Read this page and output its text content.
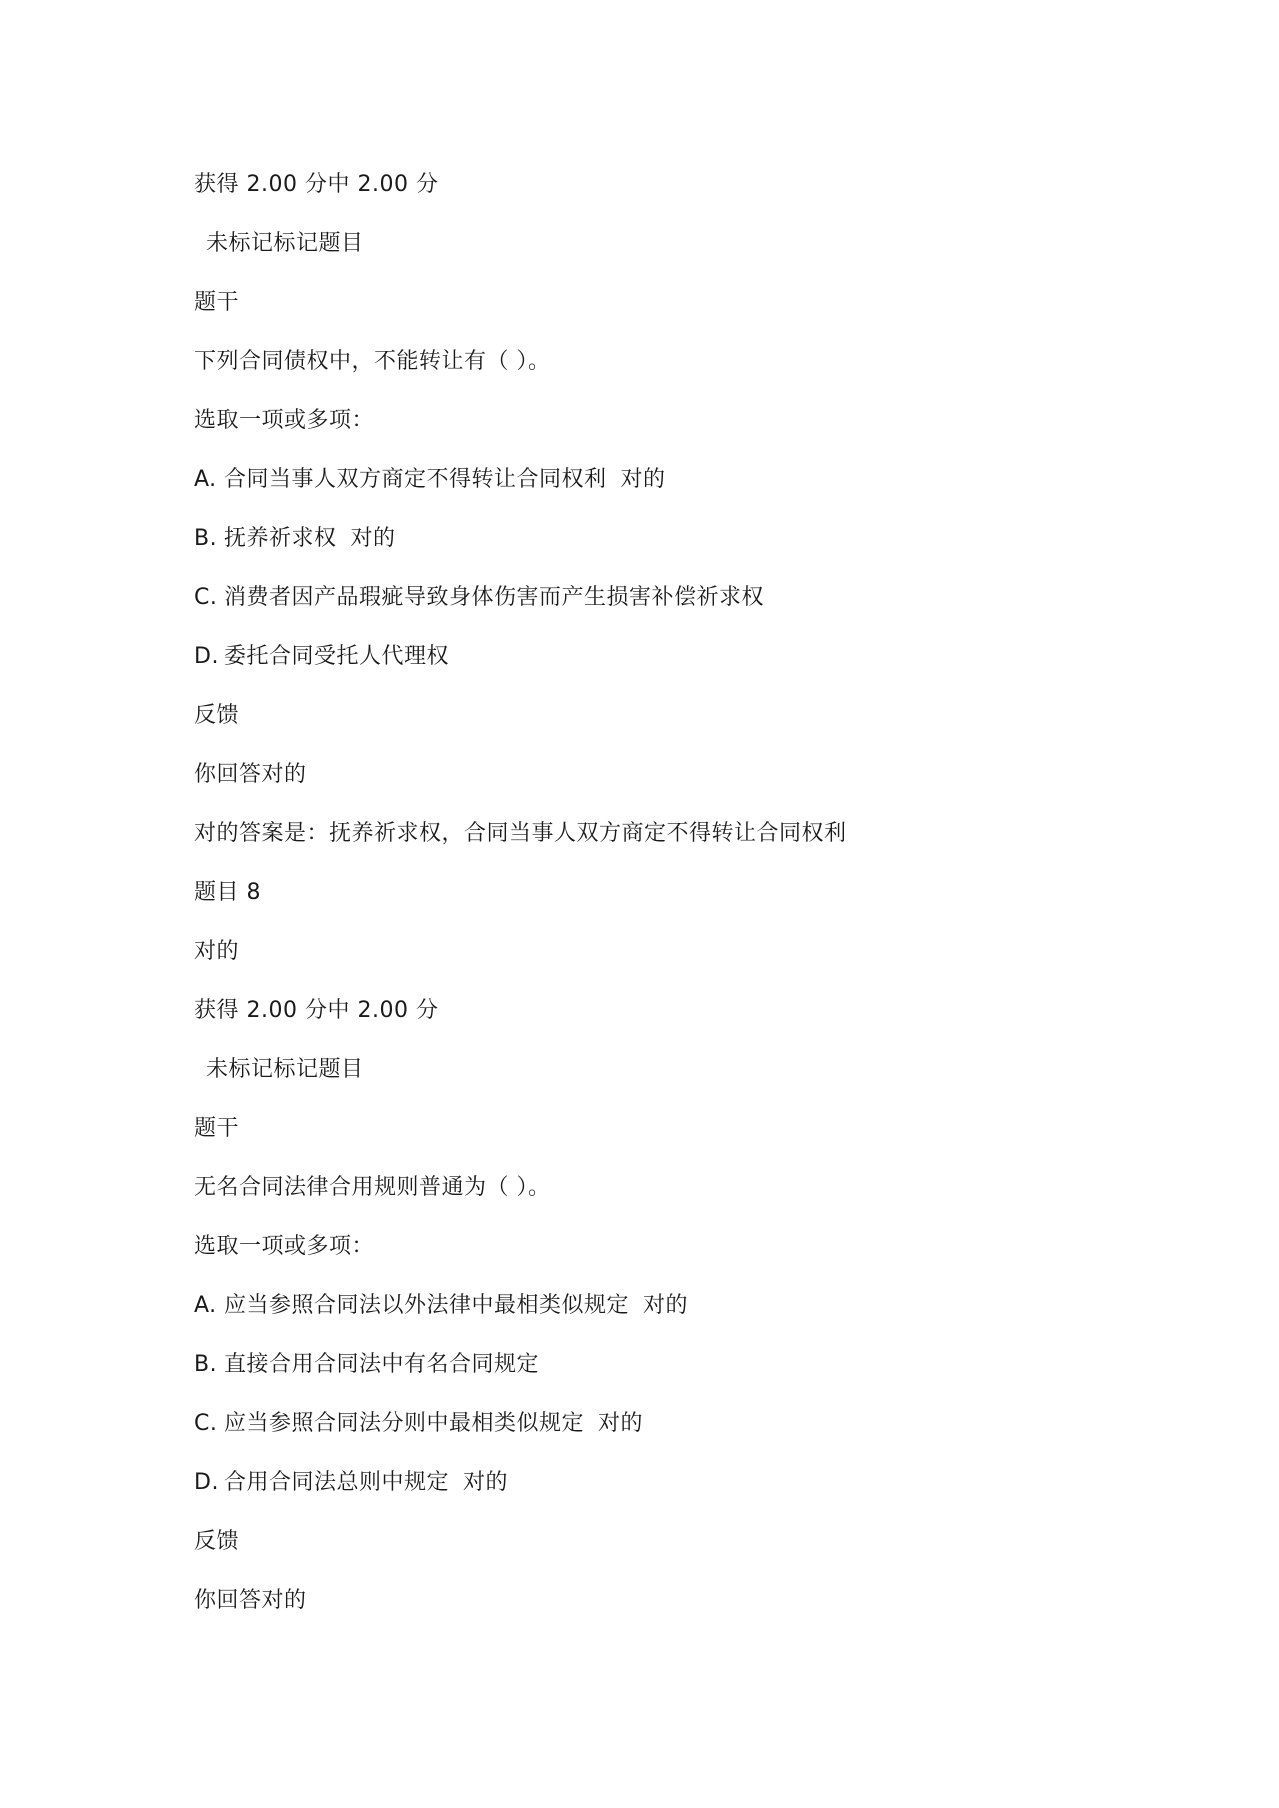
获得 2.00 分中 2.00 分
未标记标记题目
题干
下列合同债权中，不能转让有（ ）。
选取一项或多项：
A. 合同当事人双方商定不得转让合同权利 对的
B. 抚养祈求权 对的
C. 消费者因产品瑕疵导致身体伤害而产生损害补偿祈求权
D. 委托合同受托人代理权
反馈
你回答对的
对的答案是：抚养祈求权，合同当事人双方商定不得转让合同权利
题目 8
对的
获得 2.00 分中 2.00 分
未标记标记题目
题干
无名合同法律合用规则普通为（ ）。
选取一项或多项：
A. 应当参照合同法以外法律中最相类似规定 对的
B. 直接合用合同法中有名合同规定
C. 应当参照合同法分则中最相类似规定 对的
D. 合用合同法总则中规定 对的
反馈
你回答对的
